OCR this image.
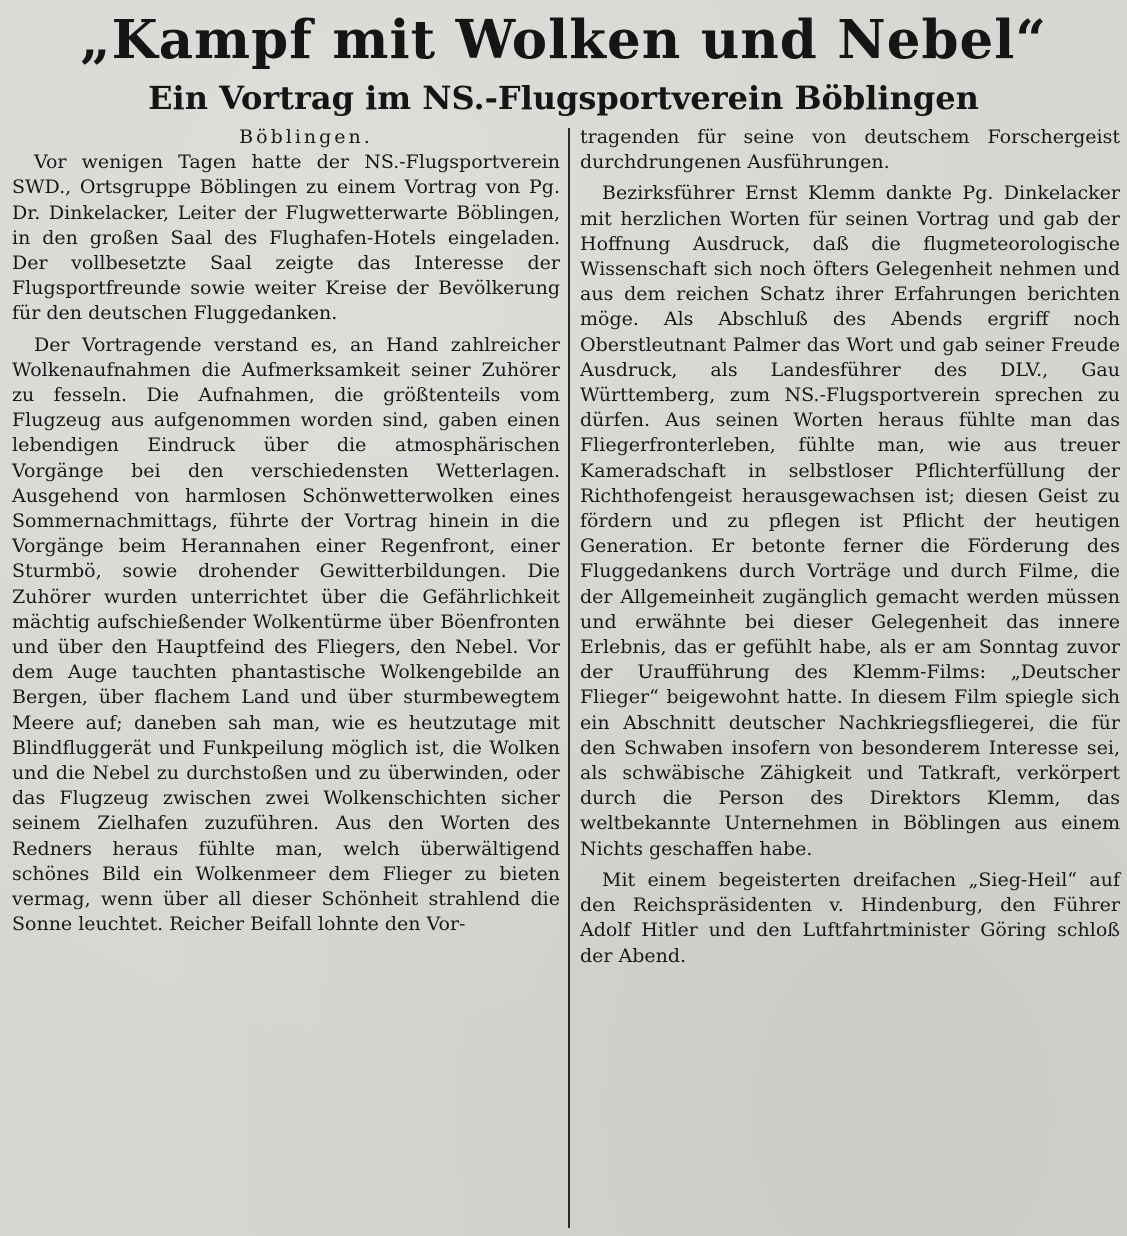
„Kampf mit Wolken und Nebel“
Ein Vortrag im NS.-Flugsportverein Böblingen
Böblingen.

Vor wenigen Tagen hatte der NS.-Flugsportverein SWD., Ortsgruppe Böblingen zu einem Vortrag von Pg. Dr. Dinkelacker, Leiter der Flugwetterwarte Böblingen, in den großen Saal des Flughafen-Hotels eingeladen. Der vollbesetzte Saal zeigte das Interesse der Flugsportfreunde sowie weiter Kreise der Bevölkerung für den deutschen Fluggedanken.

Der Vortragende verstand es, an Hand zahlreicher Wolkenaufnahmen die Aufmerksamkeit seiner Zuhörer zu fesseln. Die Aufnahmen, die größtenteils vom Flugzeug aus aufgenommen worden sind, gaben einen lebendigen Eindruck über die atmosphärischen Vorgänge bei den verschiedensten Wetterlagen. Ausgehend von harmlosen Schönwetterwolken eines Sommernachmittags, führte der Vortrag hinein in die Vorgänge beim Herannahen einer Regenfront, einer Sturmbö, sowie drohender Gewitterbildungen. Die Zuhörer wurden unterrichtet über die Gefährlichkeit mächtig aufschießender Wolkentürme über Böenfronten und über den Hauptfeind des Fliegers, den Nebel. Vor dem Auge tauchten phantastische Wolkengebilde an Bergen, über flachem Land und über sturmbewegtem Meere auf; daneben sah man, wie es heutzutage mit Blindfluggerät und Funkpeilung möglich ist, die Wolken und die Nebel zu durchstoßen und zu überwinden, oder das Flugzeug zwischen zwei Wolkenschichten sicher seinem Zielhafen zuzuführen. Aus den Worten des Redners heraus fühlte man, welch überwältigend schönes Bild ein Wolkenmeer dem Flieger zu bieten vermag, wenn über all dieser Schönheit strahlend die Sonne leuchtet. Reicher Beifall lohnte den Vor-

tragenden für seine von deutschem Forschergeist durchdrungenen Ausführungen.

Bezirksführer Ernst Klemm dankte Pg. Dinkelacker mit herzlichen Worten für seinen Vortrag und gab der Hoffnung Ausdruck, daß die flugmeteorologische Wissenschaft sich noch öfters Gelegenheit nehmen und aus dem reichen Schatz ihrer Erfahrungen berichten möge. Als Abschluß des Abends ergriff noch Oberstleutnant Palmer das Wort und gab seiner Freude Ausdruck, als Landesführer des DLV., Gau Württemberg, zum NS.-Flugsportverein sprechen zu dürfen. Aus seinen Worten heraus fühlte man das Fliegerfronterleben, fühlte man, wie aus treuer Kameradschaft in selbstloser Pflichterfüllung der Richthofengeist herausgewachsen ist; diesen Geist zu fördern und zu pflegen ist Pflicht der heutigen Generation. Er betonte ferner die Förderung des Fluggedankens durch Vorträge und durch Filme, die der Allgemeinheit zugänglich gemacht werden müssen und erwähnte bei dieser Gelegenheit das innere Erlebnis, das er gefühlt habe, als er am Sonntag zuvor der Uraufführung des Klemm-Films: „Deutscher Flieger“ beigewohnt hatte. In diesem Film spiegle sich ein Abschnitt deutscher Nachkriegsfliegerei, die für den Schwaben insofern von besonderem Interesse sei, als schwäbische Zähigkeit und Tatkraft, verkörpert durch die Person des Direktors Klemm, das weltbekannte Unternehmen in Böblingen aus einem Nichts geschaffen habe.

Mit einem begeisterten dreifachen „Sieg-Heil“ auf den Reichspräsidenten v. Hindenburg, den Führer Adolf Hitler und den Luftfahrtminister Göring schloß der Abend.
